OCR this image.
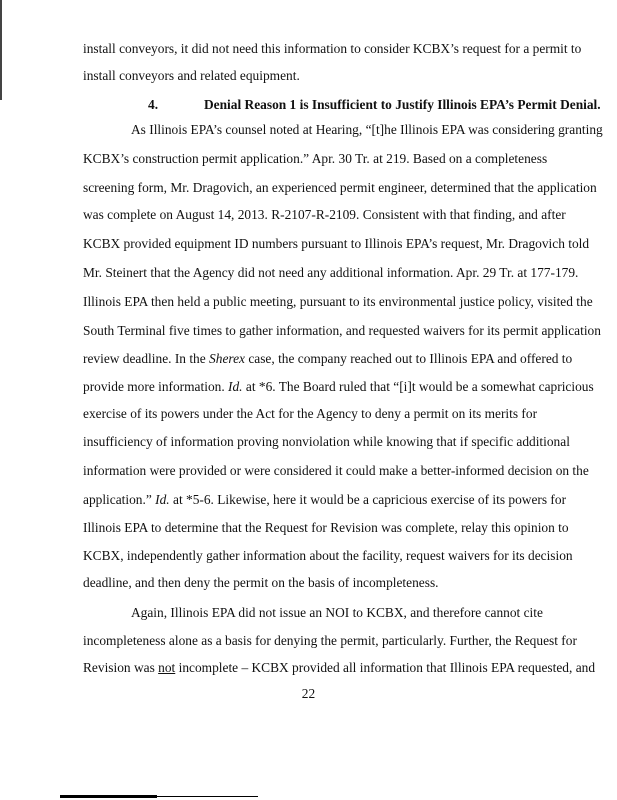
install conveyors, it did not need this information to consider KCBX’s request for a permit to
install conveyors and related equipment.
4.	Denial Reason 1 is Insufficient to Justify Illinois EPA’s Permit Denial.
As Illinois EPA’s counsel noted at Hearing, “[t]he Illinois EPA was considering granting
KCBX’s construction permit application.” Apr. 30 Tr. at 219. Based on a completeness
screening form, Mr. Dragovich, an experienced permit engineer, determined that the application
was complete on August 14, 2013. R-2107-R-2109. Consistent with that finding, and after
KCBX provided equipment ID numbers pursuant to Illinois EPA’s request, Mr. Dragovich told
Mr. Steinert that the Agency did not need any additional information. Apr. 29 Tr. at 177-179.
Illinois EPA then held a public meeting, pursuant to its environmental justice policy, visited the
South Terminal five times to gather information, and requested waivers for its permit application
review deadline. In the Sherex case, the company reached out to Illinois EPA and offered to
provide more information. Id. at *6. The Board ruled that “[i]t would be a somewhat capricious
exercise of its powers under the Act for the Agency to deny a permit on its merits for
insufficiency of information proving nonviolation while knowing that if specific additional
information were provided or were considered it could make a better-informed decision on the
application.” Id. at *5-6. Likewise, here it would be a capricious exercise of its powers for
Illinois EPA to determine that the Request for Revision was complete, relay this opinion to
KCBX, independently gather information about the facility, request waivers for its decision
deadline, and then deny the permit on the basis of incompleteness.
Again, Illinois EPA did not issue an NOI to KCBX, and therefore cannot cite
incompleteness alone as a basis for denying the permit, particularly. Further, the Request for
Revision was not incomplete – KCBX provided all information that Illinois EPA requested, and
22
